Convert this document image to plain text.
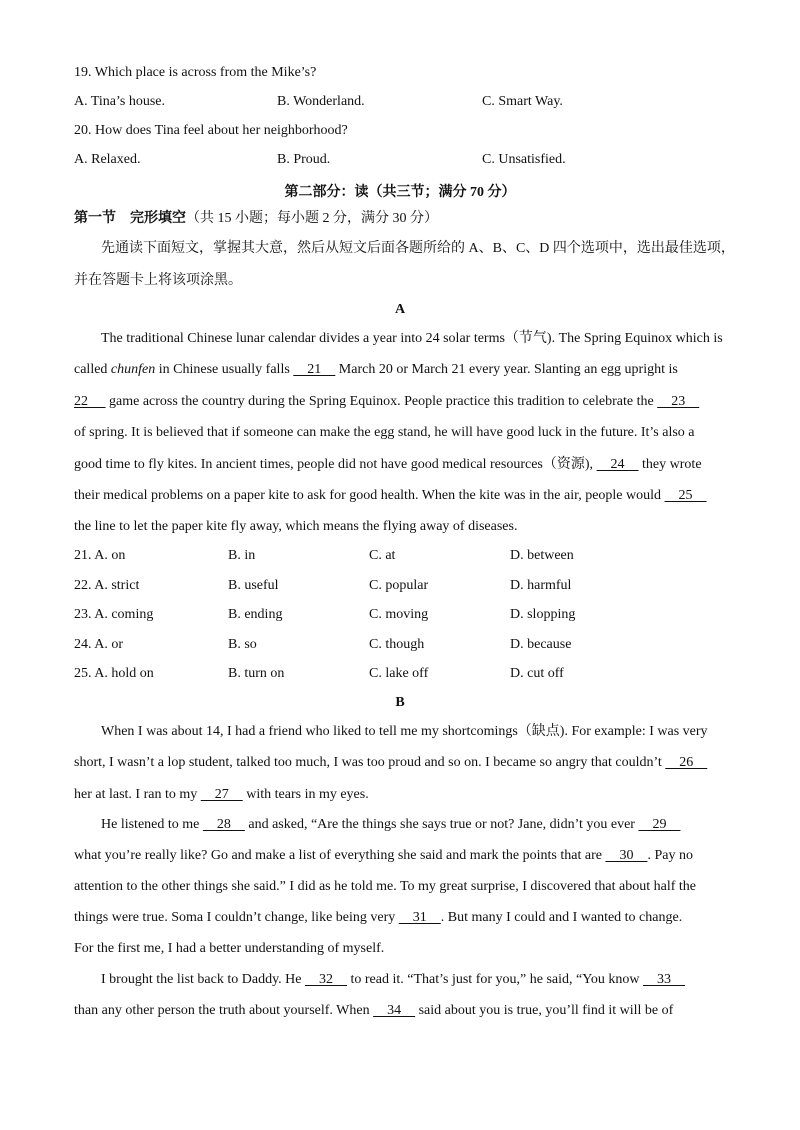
19. Which place is across from the Mike’s?
A. Tina’s house.	B. Wonderland.	C. Smart Way.
20. How does Tina feel about her neighborhood?
A. Relaxed.	B. Proud.	C. Unsatisfied.
第二部分：读（共三节；满分 70 分）
第一节　完形填空（共 15 小题；每小题 2 分，满分 30 分）
先通读下面短文，掌握其大意，然后从短文后面各题所给的 A、B、C、D 四个选项中，选出最佳选项，
并在答题卡上将该项涂黑。
A
The traditional Chinese lunar calendar divides a year into 24 solar terms（节气). The Spring Equinox which is
called chunfen in Chinese usually falls     21     March 20 or March 21 every year. Slanting an egg upright is
22      game across the country during the Spring Equinox. People practice this tradition to celebrate the     23
of spring. It is believed that if someone can make the egg stand, he will have good luck in the future. It’s also a
good time to fly kites. In ancient times, people did not have good medical resources（资源),     24     they wrote
their medical problems on a paper kite to ask for good health. When the kite was in the air, people would     25
the line to let the paper kite fly away, which means the flying away of diseases.
21. A. on	B. in	C. at	D. between
22. A. strict	B. useful	C. popular	D. harmful
23. A. coming	B. ending	C. moving	D. slopping
24. A. or	B. so	C. though	D. because
25. A. hold on	B. turn on	C. lake off	D. cut off
B
When I was about 14, I had a friend who liked to tell me my shortcomings（缺点). For example: I was very
short, I wasn’t a lop student, talked too much, I was too proud and so on. I became so angry that couldn’t     26
her at last. I ran to my     27     with tears in my eyes.
He listened to me     28     and asked, “Are the things she says true or not? Jane, didn’t you ever     29
what you’re really like? Go and make a list of everything she said and mark the points that are     30    . Pay no
attention to the other things she said.” I did as he told me. To my great surprise, I discovered that about half the
things were true. Soma I couldn’t change, like being very     31    . But many I could and I wanted to change.
For the first me, I had a better understanding of myself.
I brought the list back to Daddy. He     32     to read it. “That’s just for you,” he said, “You know     33
than any other person the truth about yourself. When     34     said about you is true, you’ll find it will be of
